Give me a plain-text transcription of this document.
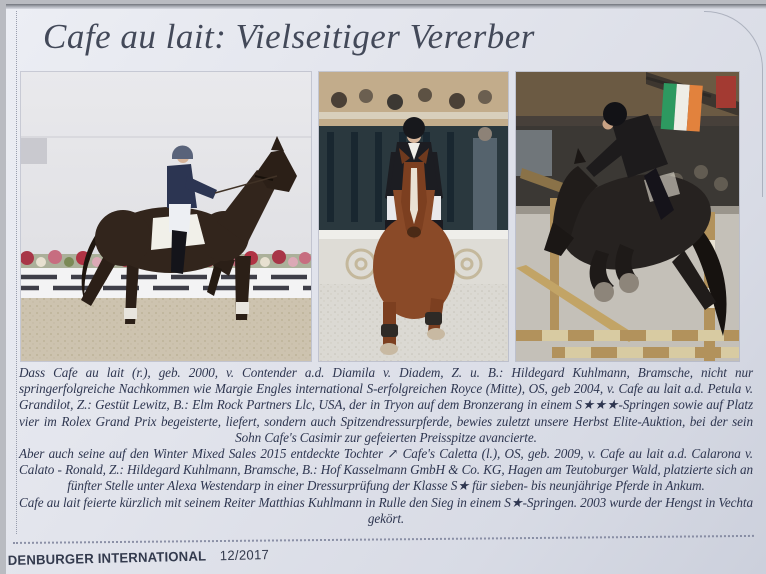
Cafe au lait: Vielseitiger Vererber

Dass Cafe au lait (r.), geb. 2000, v. Contender a.d. Diamila v. Diadem, Z. u. B.: Hildegard Kuhlmann, Bramsche, nicht nur springerfolgreiche Nachkommen wie Margie Engles international S-erfolgreichen Royce (Mitte), OS, geb 2004, v. Cafe au lait a.d. Petula v. Grandilot, Z.: Gestüt Lewitz, B.: Elm Rock Partners Llc, USA, der in Tryon auf dem Bronzerang in einem S★★★-Springen sowie auf Platz vier im Rolex Grand Prix begeisterte, liefert, sondern auch Spitzendressurpferde, bewies zuletzt unsere Herbst Elite-Auktion, bei der sein Sohn Cafe's Casimir zur gefeierten Preisspitze avancierte.

Aber auch seine auf den Winter Mixed Sales 2015 entdeckte Tochter ↗ Cafe's Caletta (l.), OS, geb. 2009, v. Cafe au lait a.d. Calarona v. Calato - Ronald, Z.: Hildegard Kuhlmann, Bramsche, B.: Hof Kasselmann GmbH & Co. KG, Hagen am Teutoburger Wald, platzierte sich an fünfter Stelle unter Alexa Westendarp in einer Dressurprüfung der Klasse S★ für sieben- bis neunjährige Pferde in Ankum.

Cafe au lait feierte kürzlich mit seinem Reiter Matthias Kuhlmann in Rulle den Sieg in einem S★-Springen. 2003 wurde der Hengst in Vechta gekört.

DENBURGER INTERNATIONAL 12/2017
